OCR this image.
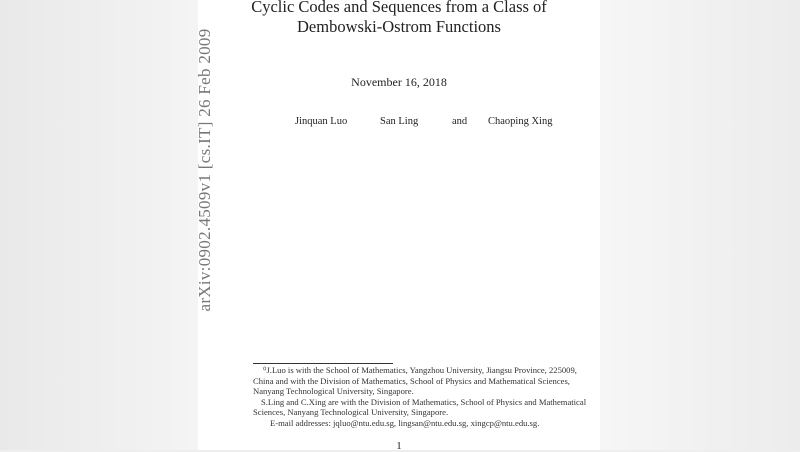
arXiv:0902.4509v1 [cs.IT] 26 Feb 2009
Cyclic Codes and Sequences from a Class of
Dembowski-Ostrom Functions
November 16, 2018
Jinquan Luo	San Ling	and Chaoping Xing
⁰J.Luo is with the School of Mathematics, Yangzhou University, Jiangsu Province, 225009,
China and with the Division of Mathematics, School of Physics and Mathematical Sciences,
Nanyang Technological University, Singapore.
S.Ling and C.Xing are with the Division of Mathematics, School of Physics and Mathematical
Sciences, Nanyang Technological University, Singapore.
E-mail addresses: jqluo@ntu.edu.sg, lingsan@ntu.edu.sg, xingcp@ntu.edu.sg.
1
